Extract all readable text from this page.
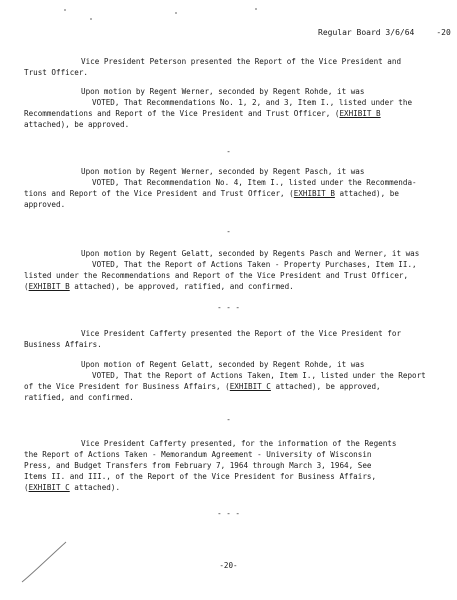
Regular Board 3/6/64	-20
Vice President Peterson presented the Report of the Vice President and
Trust Officer.
Upon motion by Regent Werner, seconded by Regent Rohde, it was
VOTED, That Recommendations No. 1, 2, and 3, Item I., listed under the
Recommendations and Report of the Vice President and Trust Officer, (EXHIBIT B
attached), be approved.
-
Upon motion by Regent Werner, seconded by Regent Pasch, it was
VOTED, That Recommendation No. 4, Item I., listed under the Recommenda-
tions and Report of the Vice President and Trust Officer, (EXHIBIT B attached), be
approved.
-
Upon motion by Regent Gelatt, seconded by Regents Pasch and Werner, it was
VOTED, That the Report of Actions Taken - Property Purchases, Item II.,
listed under the Recommendations and Report of the Vice President and Trust Officer,
(EXHIBIT B attached), be approved, ratified, and confirmed.
- - -
Vice President Cafferty presented the Report of the Vice President for
Business Affairs.
Upon motion of Regent Gelatt, seconded by Regent Rohde, it was
VOTED, That the Report of Actions Taken, Item I., listed under the Report
of the Vice President for Business Affairs, (EXHIBIT C attached), be approved,
ratified, and confirmed.
-
Vice President Cafferty presented, for the information of the Regents
the Report of Actions Taken - Memorandum Agreement - University of Wisconsin
Press, and Budget Transfers from February 7, 1964 through March 3, 1964, See
Items II. and III., of the Report of the Vice President for Business Affairs,
(EXHIBIT C attached).
- - -
-20-
